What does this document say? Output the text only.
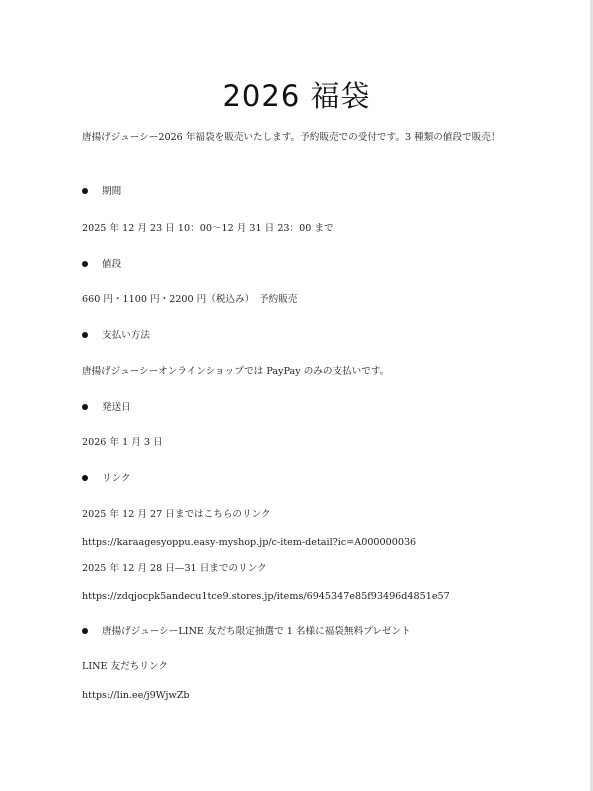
2026 福袋

唐揚げジューシー2026 年福袋を販売いたします。予約販売での受付です。3 種類の値段で販売！

期間

2025 年 12 月 23 日 10：00〜12 月 31 日 23：00 まで

値段

660 円・1100 円・2200 円（税込み）　予約販売

支払い方法

唐揚げジューシーオンラインショップでは PayPay のみの支払いです。

発送日

2026 年 1 月 3 日

リンク

2025 年 12 月 27 日まではこちらのリンク

https://karaagesyoppu.easy-myshop.jp/c-item-detail?ic=A000000036

2025 年 12 月 28 日—31 日までのリンク

https://zdqjocpk5andecu1tce9.stores.jp/items/6945347e85f93496d4851e57

唐揚げジューシーLINE 友だち限定抽選で 1 名様に福袋無料プレゼント

LINE 友だちリンク

https://lin.ee/j9WjwZb
